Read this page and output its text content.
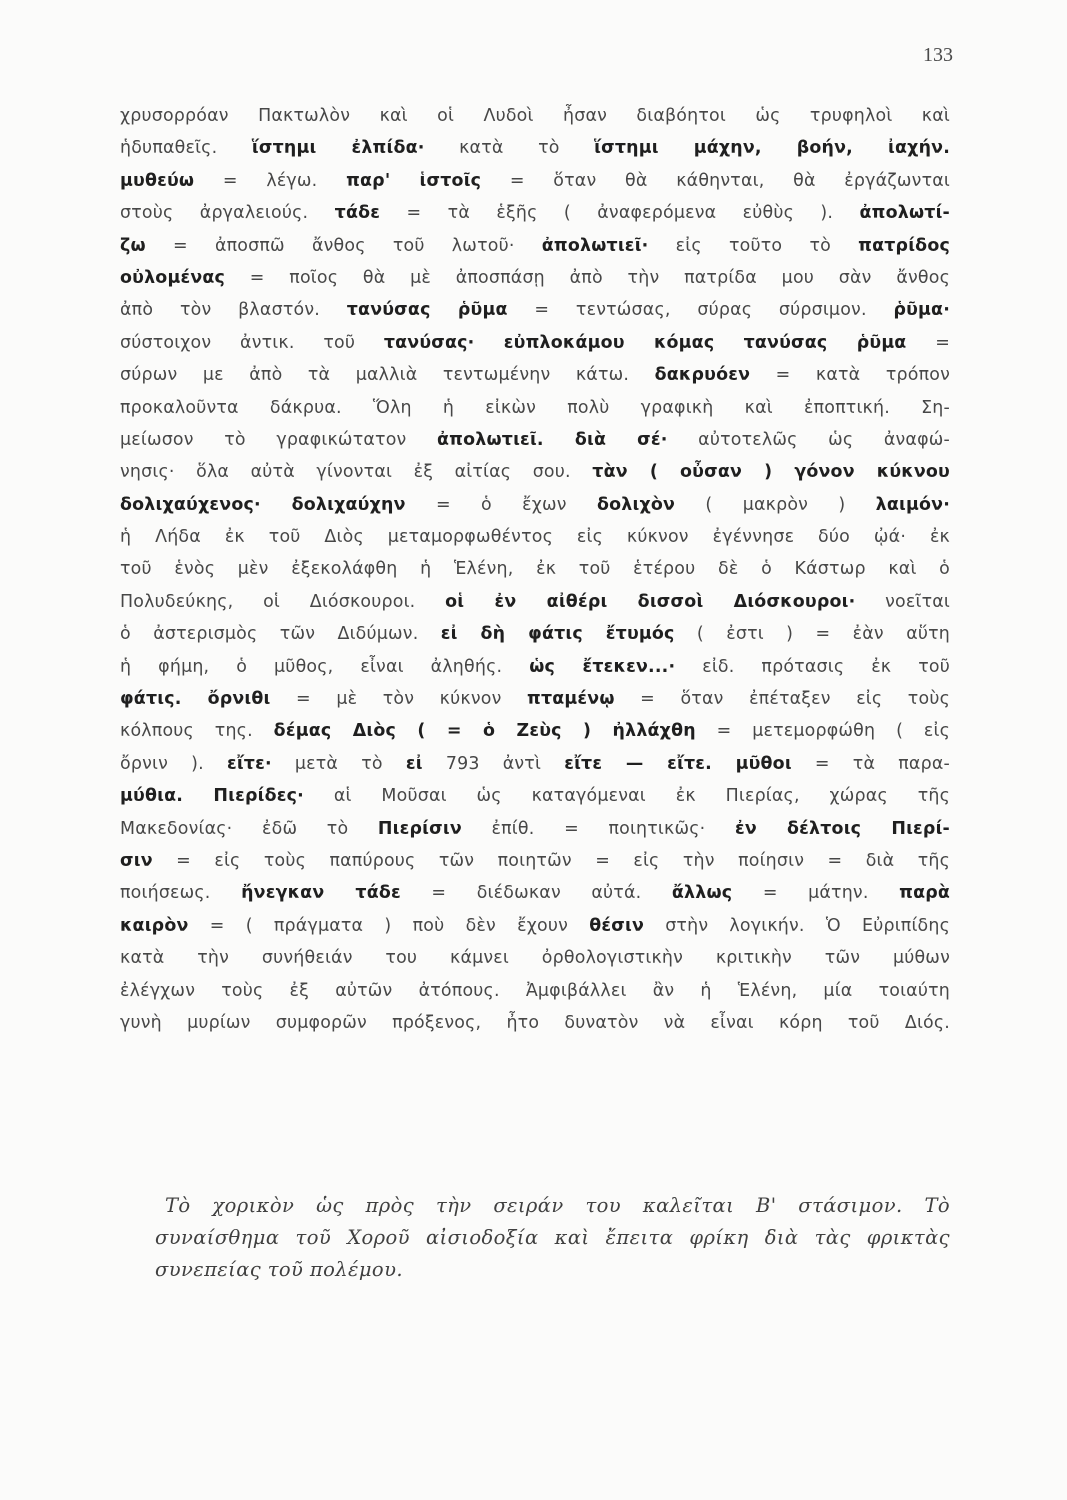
133
χρυσορρόαν Πακτωλὸν καὶ οἱ Λυδοὶ ἦσαν διαβόητοι ὡς τρυφηλοὶ καὶ
ἡδυπαθεῖς. ἵστημι ἐλπίδα· κατὰ τὸ ἵστημι μάχην, βοήν, ἰαχήν.
μυθεύω = λέγω. παρ' ἱστοῖς = ὅταν θὰ κάθηνται, θὰ ἐργάζωνται
στοὺς ἀργαλειούς. τάδε = τὰ ἑξῆς ( ἀναφερόμενα εὐθὺς ). ἀπολωτί-
ζω = ἀποσπῶ ἄνθος τοῦ λωτοῦ· ἀπολωτιεῖ· εἰς τοῦτο τὸ πατρίδος
οὐλομένας = ποῖος θὰ μὲ ἀποσπάσῃ ἀπὸ τὴν πατρίδα μου σὰν ἄνθος
ἀπὸ τὸν βλαστόν. τανύσας ῥῦμα = τεντώσας, σύρας σύρσιμον. ῥῦμα·
σύστοιχον ἀντικ. τοῦ τανύσας· εὐπλοκάμου κόμας τανύσας ῥῦμα =
σύρων με ἀπὸ τὰ μαλλιὰ τεντωμένην κάτω. δακρυόεν = κατὰ τρόπον
προκαλοῦντα δάκρυα. Ὅλη ἡ εἰκὼν πολὺ γραφικὴ καὶ ἐποπτική. Ση-
μείωσον τὸ γραφικώτατον ἀπολωτιεῖ. διὰ σέ· αὐτοτελῶς ὡς ἀναφώ-
νησις· ὅλα αὐτὰ γίνονται ἐξ αἰτίας σου. τὰν ( οὖσαν ) γόνον κύκνου
δολιχαύχενος· δολιχαύχην = ὁ ἔχων δολιχὸν ( μακρὸν ) λαιμόν·
ἡ Λήδα ἐκ τοῦ Διὸς μεταμορφωθέντος εἰς κύκνον ἐγέννησε δύο ᾠά· ἐκ
τοῦ ἑνὸς μὲν ἐξεκολάφθη ἡ Ἑλένη, ἐκ τοῦ ἑτέρου δὲ ὁ Κάστωρ καὶ ὁ
Πολυδεύκης, οἱ Διόσκουροι. οἱ ἐν αἰθέρι δισσοὶ Διόσκουροι· νοεῖται
ὁ ἀστερισμὸς τῶν Διδύμων. εἰ δὴ φάτις ἔτυμός ( ἐστι ) = ἐὰν αὕτη
ἡ φήμη, ὁ μῦθος, εἶναι ἀληθής. ὡς ἔτεκεν...· εἰδ. πρότασις ἐκ τοῦ
φάτις. ὄρνιθι = μὲ τὸν κύκνον πταμένῳ = ὅταν ἐπέταξεν εἰς τοὺς
κόλπους της. δέμας Διὸς ( = ὁ Ζεὺς ) ἠλλάχθη = μετεμορφώθη ( εἰς
ὄρνιν ). εἴτε· μετὰ τὸ εἰ 793 ἀντὶ εἴτε — εἴτε. μῦθοι = τὰ παρα-
μύθια. Πιερίδες· αἱ Μοῦσαι ὡς καταγόμεναι ἐκ Πιερίας, χώρας τῆς
Μακεδονίας· ἐδῶ τὸ Πιερίσιν ἐπίθ. = ποιητικῶς· ἐν δέλτοις Πιερί-
σιν = εἰς τοὺς παπύρους τῶν ποιητῶν = εἰς τὴν ποίησιν = διὰ τῆς
ποιήσεως. ἤνεγκαν τάδε = διέδωκαν αὐτά. ἄλλως = μάτην. παρὰ
καιρὸν = ( πράγματα ) ποὺ δὲν ἔχουν θέσιν στὴν λογικήν. Ὁ Εὐριπίδης
κατὰ τὴν συνήθειάν του κάμνει ὀρθολογιστικὴν κριτικὴν τῶν μύθων
ἐλέγχων τοὺς ἐξ αὐτῶν ἀτόπους. Ἀμφιβάλλει ἂν ἡ Ἑλένη, μία τοιαύτη
γυνὴ μυρίων συμφορῶν πρόξενος, ἦτο δυνατὸν νὰ εἶναι κόρη τοῦ Διός.
Τὸ χορικὸν ὡς πρὸς τὴν σειράν του καλεῖται Β' στάσιμον. Τὸ
συναίσθημα τοῦ Χοροῦ αἰσιοδοξία καὶ ἔπειτα φρίκη διὰ τὰς φρικτὰς
συνεπείας τοῦ πολέμου.
